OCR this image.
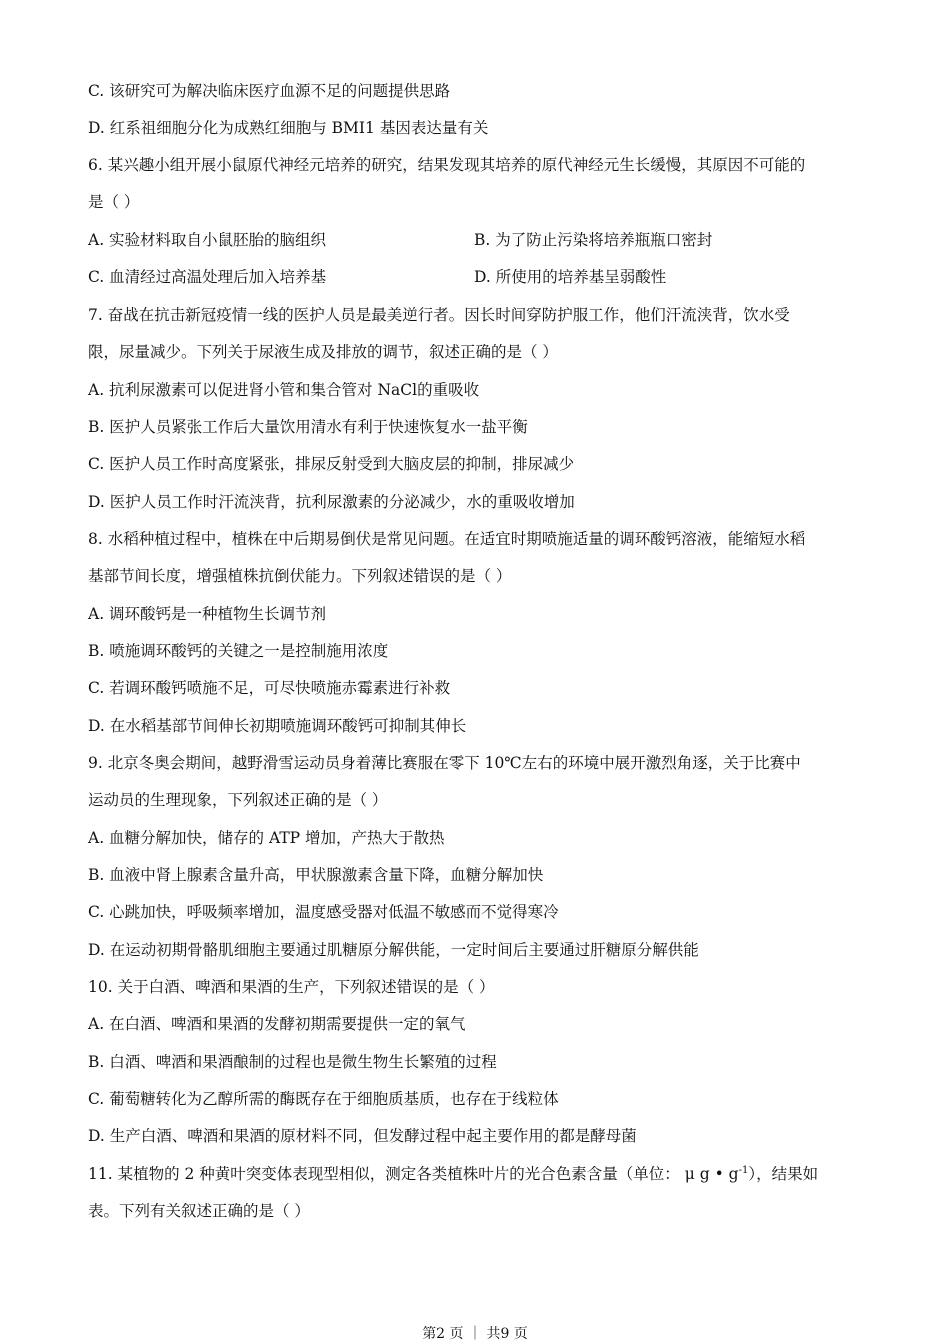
C. 该研究可为解决临床医疗血源不足的问题提供思路
D. 红系祖细胞分化为成熟红细胞与 BMI1 基因表达量有关
6. 某兴趣小组开展小鼠原代神经元培养的研究，结果发现其培养的原代神经元生长缓慢，其原因不可能的
是（ ）
A. 实验材料取自小鼠胚胎的脑组织	B. 为了防止污染将培养瓶瓶口密封
C. 血清经过高温处理后加入培养基	D. 所使用的培养基呈弱酸性
7. 奋战在抗击新冠疫情一线的医护人员是最美逆行者。因长时间穿防护服工作，他们汗流浃背，饮水受
限，尿量减少。下列关于尿液生成及排放的调节，叙述正确的是（ ）
A. 抗利尿激素可以促进肾小管和集合管对 NaCl的重吸收
B. 医护人员紧张工作后大量饮用清水有利于快速恢复水一盐平衡
C. 医护人员工作时高度紧张，排尿反射受到大脑皮层的抑制，排尿减少
D. 医护人员工作时汗流浃背，抗利尿激素的分泌减少，水的重吸收增加
8. 水稻种植过程中，植株在中后期易倒伏是常见问题。在适宜时期喷施适量的调环酸钙溶液，能缩短水稻
基部节间长度，增强植株抗倒伏能力。下列叙述错误的是（ ）
A. 调环酸钙是一种植物生长调节剂
B. 喷施调环酸钙的关键之一是控制施用浓度
C. 若调环酸钙喷施不足，可尽快喷施赤霉素进行补救
D. 在水稻基部节间伸长初期喷施调环酸钙可抑制其伸长
9. 北京冬奥会期间，越野滑雪运动员身着薄比赛服在零下 10℃左右的环境中展开激烈角逐，关于比赛中
运动员的生理现象，下列叙述正确的是（ ）
A. 血糖分解加快，储存的 ATP 增加，产热大于散热
B. 血液中肾上腺素含量升高，甲状腺激素含量下降，血糖分解加快
C. 心跳加快，呼吸频率增加，温度感受器对低温不敏感而不觉得寒冷
D. 在运动初期骨骼肌细胞主要通过肌糖原分解供能，一定时间后主要通过肝糖原分解供能
10. 关于白酒、啤酒和果酒的生产，下列叙述错误的是（ ）
A. 在白酒、啤酒和果酒的发酵初期需要提供一定的氧气
B. 白酒、啤酒和果酒酿制的过程也是微生物生长繁殖的过程
C. 葡萄糖转化为乙醇所需的酶既存在于细胞质基质，也存在于线粒体
D. 生产白酒、啤酒和果酒的原材料不同，但发酵过程中起主要作用的都是酵母菌
11. 某植物的 2 种黄叶突变体表现型相似，测定各类植株叶片的光合色素含量（单位： μ g • $g^{-1}$），结果如
表。下列有关叙述正确的是（ ）
第2 页 ｜ 共9 页
